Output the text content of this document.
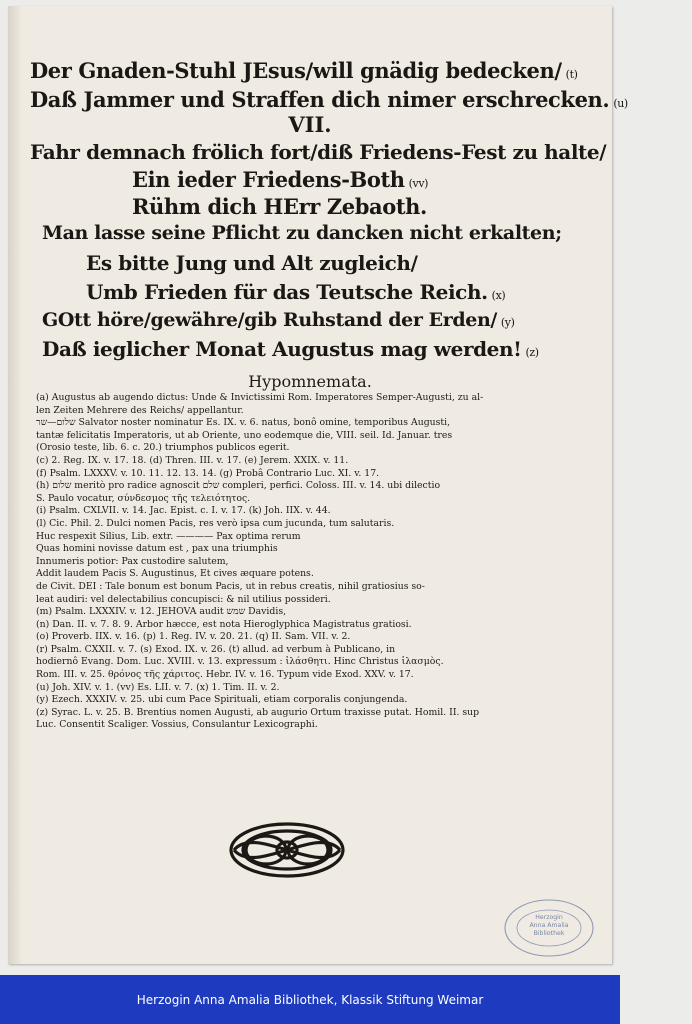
Der Gnaden-Stuhl JEsus/will gnädig bedecken/ (t)
Daß Jammer und Straffen dich nimer erschrecken. (u)
VII.
Fahr demnach frölich fort/diß Friedens-Fest zu halte/
Ein ieder Friedens-Both (vv)
Rühm dich HErr Zebaoth.
Man lasse seine Pflicht zu dancken nicht erkalten;
Es bitte Jung und Alt zugleich/
Umb Frieden für das Teutsche Reich. (x)
GOtt höre/gewähre/gib Ruhstand der Erden/ (y)
Daß ieglicher Monat Augustus mag werden! (z)
Hypomnemata.
(a) Augustus ab augendo dictus: Unde & Invictissimi Rom. Imperatores Semper-Augusti, zu al-
len Zeiten Mehrere des Reichs/ appellantur.
שלום—שר Salvator noster nominatur Es. IX. v. 6. natus, bonô omine, temporibus Augusti,
tantæ felicitatis Imperatoris, ut ab Oriente, uno eodemque die, VIII. seil. Id. Januar. tres
(Orosio teste, lib. 6. c. 20.) triumphos publicos egerit.
(c) 2. Reg. IX. v. 17. 18. (d) Thren. III. v. 17. (e) Jerem. XXIX. v. 11.
(f) Psalm. LXXXV. v. 10. 11. 12. 13. 14. (g) Probâ Contrario Luc. XI. v. 17.
(h) שלום meritò pro radice agnoscit שלם compleri, perfici. Coloss. III. v. 14. ubi dilectio
S. Paulo vocatur, σύνδεσμος τῆς τελειότητος.
(i) Psalm. CXLVII. v. 14. Jac. Epist. c. I. v. 17. (k) Joh. IIX. v. 44.
(l) Cic. Phil. 2. Dulci nomen Pacis, res verò ipsa cum jucunda, tum salutaris.
Huc respexit Silius, Lib. extr. ———— Pax optima rerum
Quas homini novisse datum est , pax una triumphis
Innumeris potior: Pax custodire salutem,
Addit laudem Pacis S. Augustinus, Et cives æquare potens.
de Civit. DEI : Tale bonum est bonum Pacis, ut in rebus creatis, nihil gratiosius so-
leat audiri: vel delectabilius concupisci: & nil utilius possideri.
(m) Psalm. LXXXIV. v. 12. JEHOVA audit שמש Davidis,
(n) Dan. II. v. 7. 8. 9. Arbor hæcce, est nota Hieroglyphica Magistratus gratiosi.
(o) Proverb. IIX. v. 16. (p) 1. Reg. IV. v. 20. 21. (q) II. Sam. VII. v. 2.
(r) Psalm. CXXII. v. 7. (s) Exod. IX. v. 26. (t) allud. ad verbum à Publicano, in
hodiernô Evang. Dom. Luc. XVIII. v. 13. expressum : ἱλάσθητι. Hinc Christus ἱλασμὸς.
Rom. III. v. 25. θρόνος τῆς χάριτος. Hebr. IV. v. 16. Typum vide Exod. XXV. v. 17.
(u) Joh. XIV. v. 1. (vv) Es. LII. v. 7. (x) 1. Tim. II. v. 2.
(y) Ezech. XXXIV. v. 25. ubi cum Pace Spirituali, etiam corporalis conjungenda.
(z) Syrac. L. v. 25. B. Brentius nomen Augusti, ab augurio Ortum traxisse putat. Homil. II. sup
Luc. Consentit Scaliger. Vossius, Consulantur Lexicographi.
Herzogin
Anna Amalia
Bibliothek
Herzogin Anna Amalia Bibliothek, Klassik Stiftung Weimar
